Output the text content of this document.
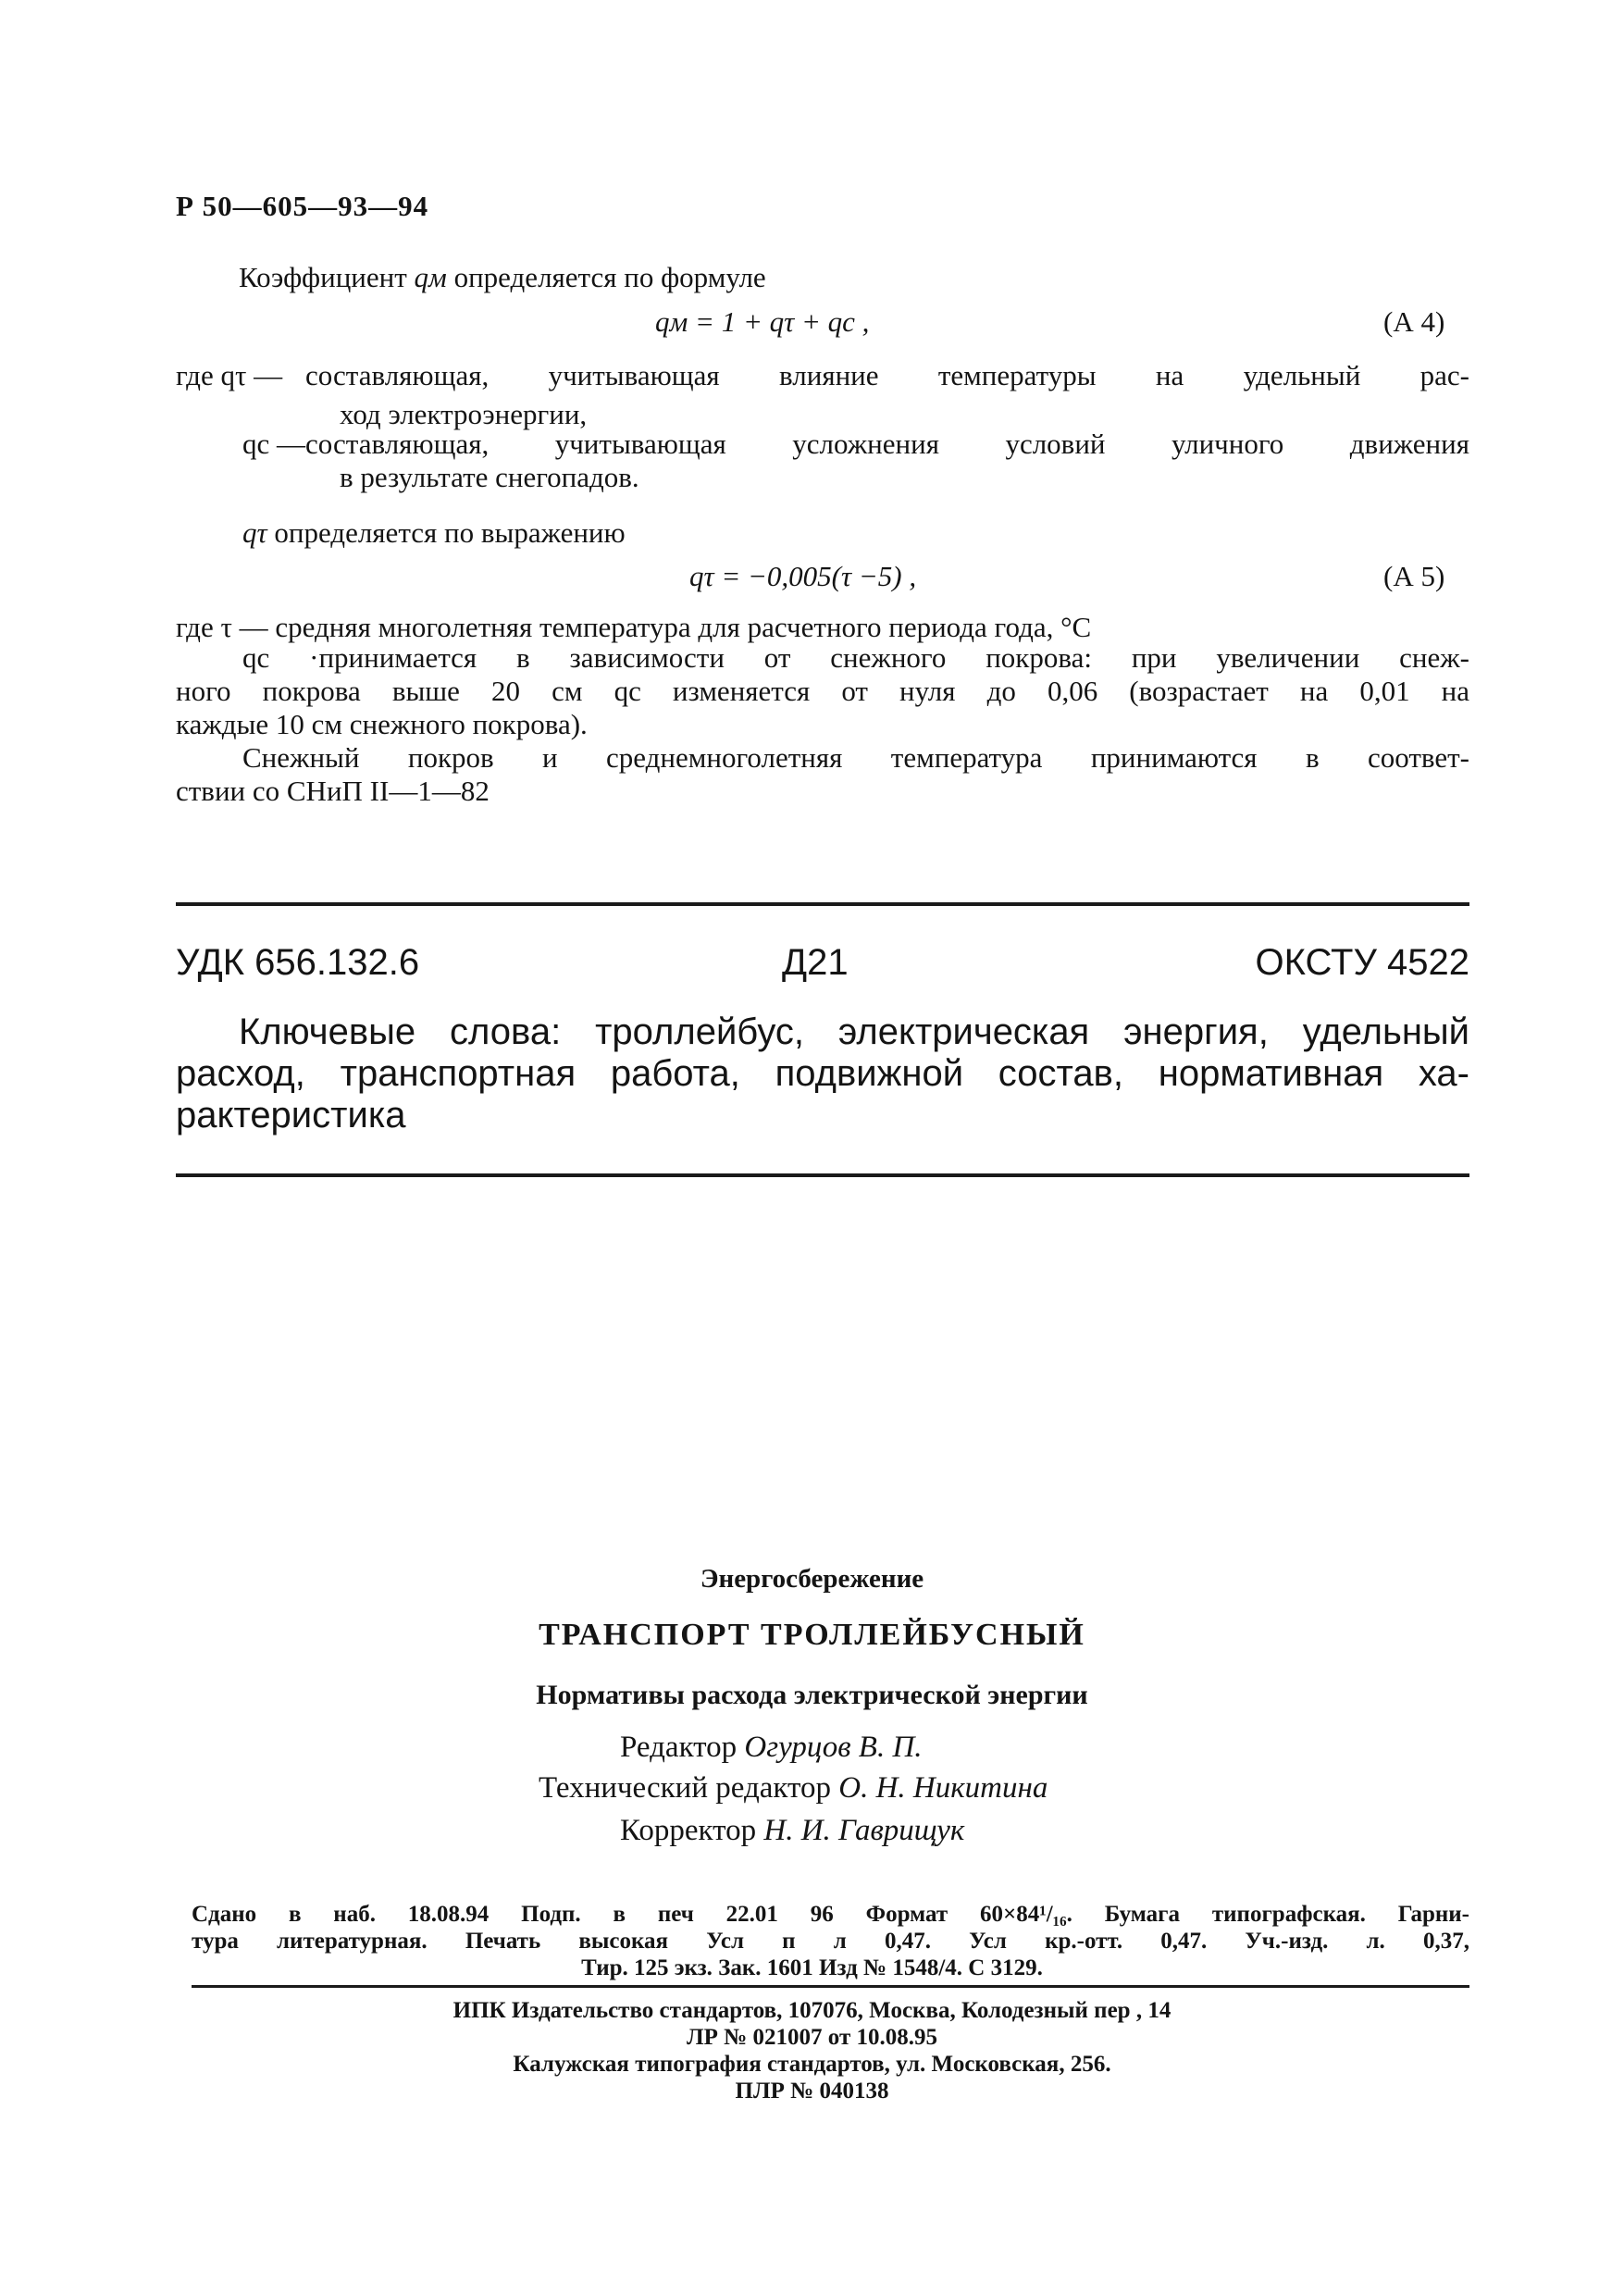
Р 50—605—93—94
Коэффициент qм определяется по формуле
qм = 1 + qτ + qс ,	(А 4)
где qτ — составляющая, учитывающая влияние температуры на удельный рас-
ход электроэнергии,
qс — составляющая, учитывающая усложнения условий уличного движения
в результате снегопадов.
qτ определяется по выражению
qτ = −0,005(τ −5) ,	(А 5)
где τ — средняя многолетняя температура для расчетного периода года, °С
qс ·принимается в зависимости от снежного покрова: при увеличении снеж-
ного покрова выше 20 см qс изменяется от нуля до 0,06 (возрастает на 0,01 на
каждые 10 см снежного покрова).
Снежный покров и среднемноголетняя температура принимаются в соответ-
ствии со СНиП II—1—82
УДК 656.132.6	Д21	ОКСТУ 4522
Ключевые слова: троллейбус, электрическая энергия, удельный
расход, транспортная работа, подвижной состав, нормативная ха-
рактеристика
Энергосбережение
ТРАНСПОРТ ТРОЛЛЕЙБУСНЫЙ
Нормативы расхода электрической энергии
Редактор Огурцов В. П.
Технический редактор О. Н. Никитина
Корректор Н. И. Гаврищук
Сдано в наб. 18.08.94 Подп. в печ 22.01 96 Формат 60×84¹/₁₆. Бумага типографская. Гарни-
тура литературная. Печать высокая Усл п л 0,47. Усл кр.-отт. 0,47. Уч.-изд. л. 0,37,
Тир. 125 экз. Зак. 1601 Изд № 1548/4. С 3129.
ИПК Издательство стандартов, 107076, Москва, Колодезный пер , 14
ЛР № 021007 от 10.08.95
Калужская типография стандартов, ул. Московская, 256.
ПЛР № 040138
